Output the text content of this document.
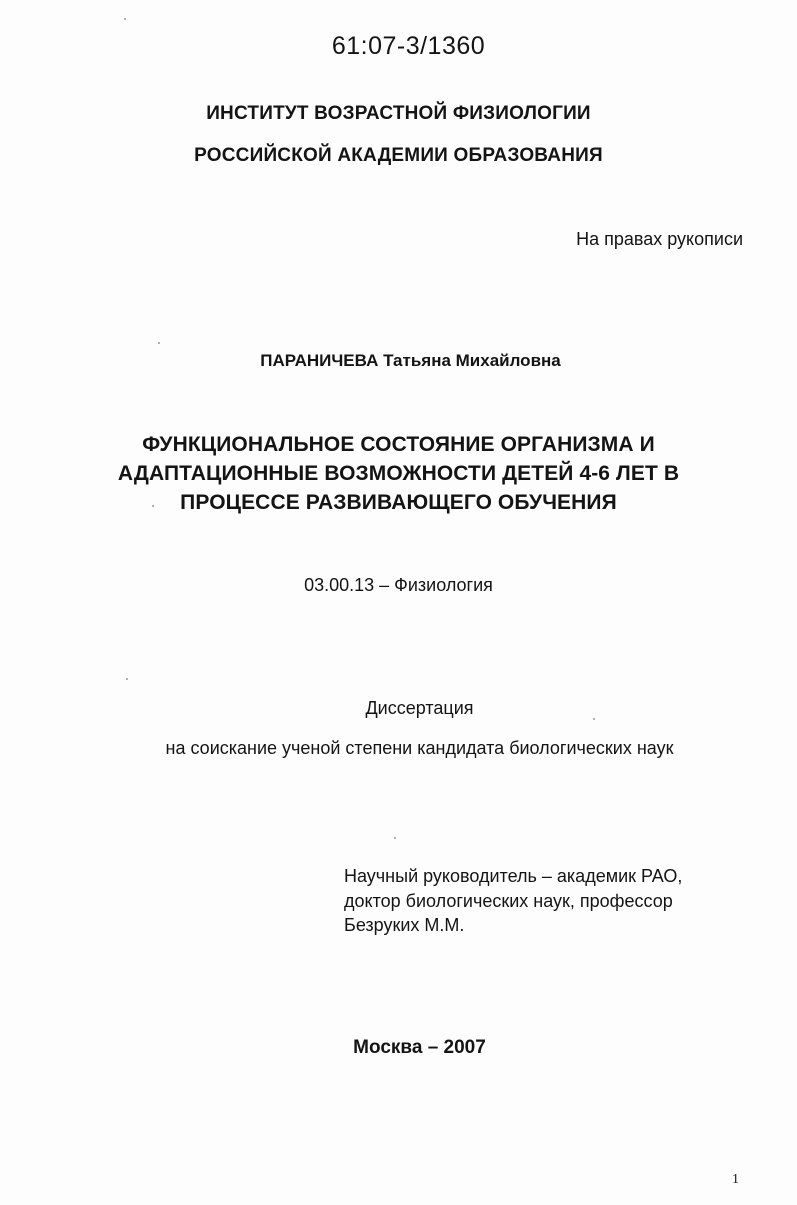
61:07-3/1360
ИНСТИТУТ ВОЗРАСТНОЙ ФИЗИОЛОГИИ
РОССИЙСКОЙ АКАДЕМИИ ОБРАЗОВАНИЯ
На правах рукописи
ПАРАНИЧЕВА Татьяна Михайловна
ФУНКЦИОНАЛЬНОЕ СОСТОЯНИЕ ОРГАНИЗМА И
АДАПТАЦИОННЫЕ ВОЗМОЖНОСТИ ДЕТЕЙ 4-6 ЛЕТ В
ПРОЦЕССЕ РАЗВИВАЮЩЕГО ОБУЧЕНИЯ
03.00.13 – Физиология
Диссертация
на соискание ученой степени кандидата биологических наук
Научный руководитель – академик РАО,
доктор биологических наук, профессор
Безруких М.М.
Москва – 2007
1
